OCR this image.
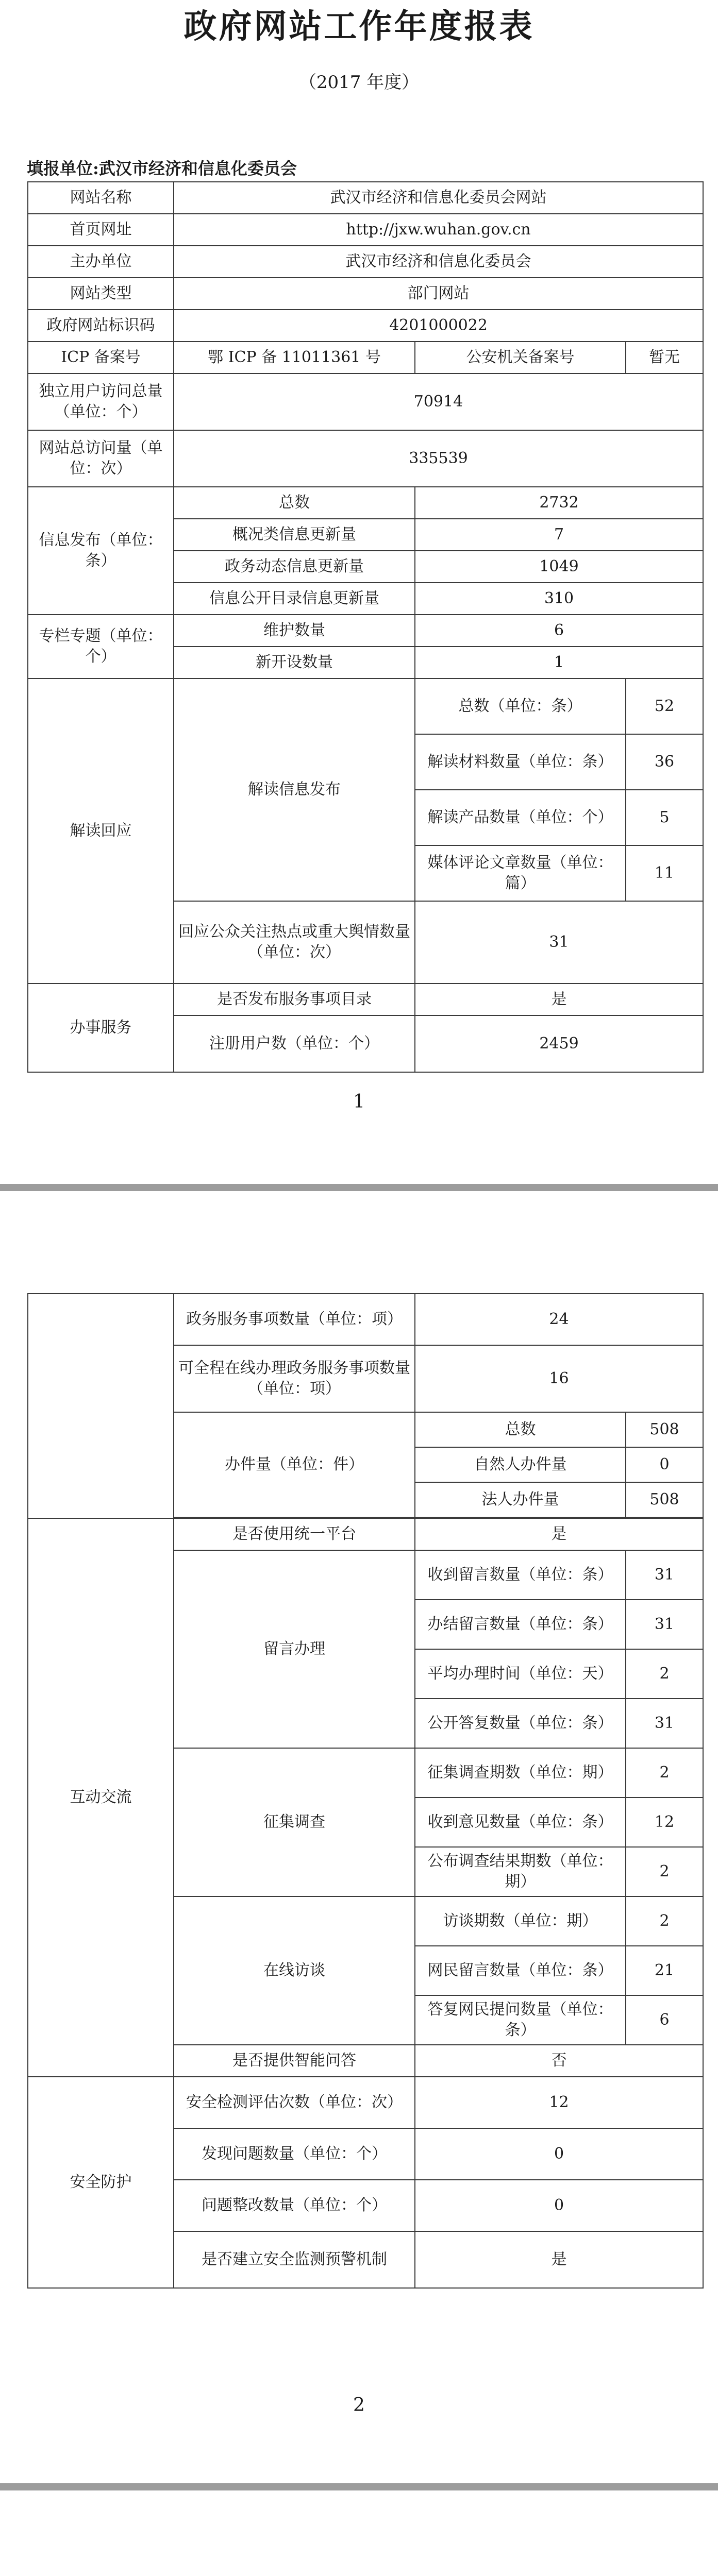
政府网站工作年度报表
（2017 年度）
填报单位:武汉市经济和信息化委员会
网站名称	武汉市经济和信息化委员会网站		
首页网址	http://jxw.wuhan.gov.cn		
主办单位	武汉市经济和信息化委员会		
网站类型	部门网站		
政府网站标识码	4201000022		
ICP 备案号	鄂 ICP 备 11011361 号	公安机关备案号	暂无
独立用户访问总量（单位：个）	70914		
网站总访问量（单位：次）	335539		
信息发布（单位：条）	总数	2732	
	概况类信息更新量	7	
	政务动态信息更新量	1049	
	信息公开目录信息更新量	310	
专栏专题（单位：个）	维护数量	6	
	新开设数量	1	
解读回应	解读信息发布	总数（单位：条）	52
		解读材料数量（单位：条）	36
		解读产品数量（单位：个）	5
		媒体评论文章数量（单位：篇）	11
	回应公众关注热点或重大舆情数量（单位：次）	31	
办事服务	是否发布服务事项目录	是	
	注册用户数（单位：个）	2459	
1
	政务服务事项数量（单位：项）	24	
	可全程在线办理政务服务事项数量（单位：项）	16	
	办件量（单位：件）	总数	508
		自然人办件量	0
		法人办件量	508

互动交流	是否使用统一平台	是	
	留言办理	收到留言数量（单位：条）	31
		办结留言数量（单位：条）	31
		平均办理时间（单位：天）	2
		公开答复数量（单位：条）	31
	征集调查	征集调查期数（单位：期）	2
		收到意见数量（单位：条）	12
		公布调查结果期数（单位：期）	2
	在线访谈	访谈期数（单位：期）	2
		网民留言数量（单位：条）	21
		答复网民提问数量（单位：条）	6
	是否提供智能问答	否	
安全防护	安全检测评估次数（单位：次）	12	
	发现问题数量（单位：个）	0	
	问题整改数量（单位：个）	0	
	是否建立安全监测预警机制	是	
2
